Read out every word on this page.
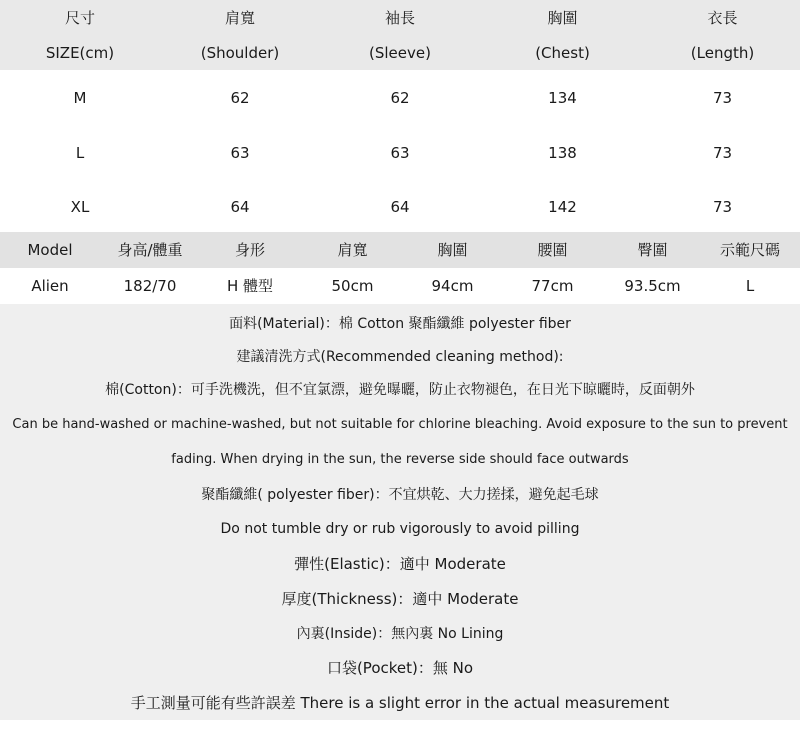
尺寸	肩寬	袖長	胸圍	衣長
SIZE(cm)	(Shoulder)	(Sleeve)	(Chest)	(Length)
M	62	62	134	73
L	63	63	138	73
XL	64	64	142	73
Model	身高/體重	身形	肩寬	胸圍	腰圍	臀圍	示範尺碼
Alien	182/70	H 體型	50cm	94cm	77cm	93.5cm	L
面料(Material)：棉 Cotton 聚酯纖維 polyester fiber
建議清洗方式(Recommended cleaning method):
棉(Cotton)：可手洗機洗，但不宜氯漂，避免曝曬，防止衣物褪色，在日光下晾曬時，反面朝外
Can be hand-washed or machine-washed, but not suitable for chlorine bleaching. Avoid exposure to the sun to prevent
fading. When drying in the sun, the reverse side should face outwards
聚酯纖維( polyester fiber)：不宜烘乾、大力搓揉，避免起毛球
Do not tumble dry or rub vigorously to avoid pilling
彈性(Elastic)：適中 Moderate
厚度(Thickness)：適中 Moderate
內裏(Inside)：無內裏 No Lining
口袋(Pocket)：無 No
手工測量可能有些許誤差 There is a slight error in the actual measurement
